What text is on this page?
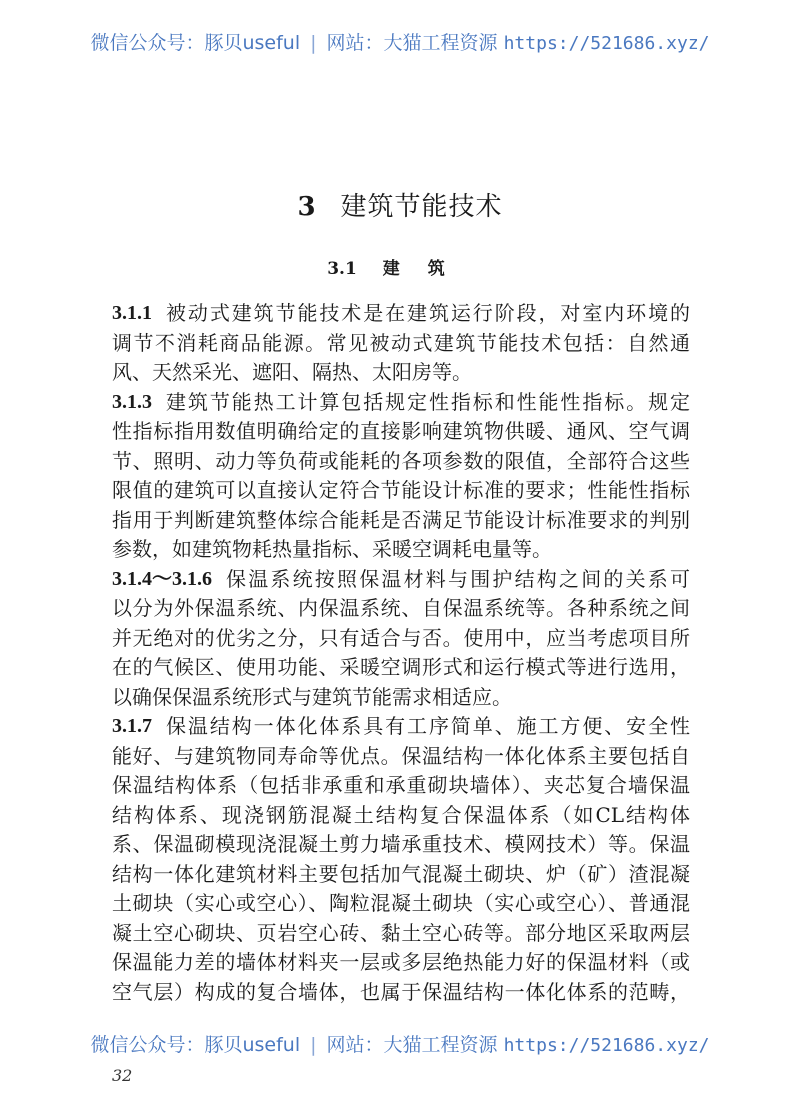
微信公众号：豚贝useful | 网站：大猫工程资源 https://521686.xyz/
3 建筑节能技术
3.1 建筑
3.1.1 被动式建筑节能技术是在建筑运行阶段，对室内环境的
调节不消耗商品能源。常见被动式建筑节能技术包括：自然通
风、天然采光、遮阳、隔热、太阳房等。
3.1.3 建筑节能热工计算包括规定性指标和性能性指标。规定
性指标指用数值明确给定的直接影响建筑物供暖、通风、空气调
节、照明、动力等负荷或能耗的各项参数的限值，全部符合这些
限值的建筑可以直接认定符合节能设计标准的要求；性能性指标
指用于判断建筑整体综合能耗是否满足节能设计标准要求的判别
参数，如建筑物耗热量指标、采暖空调耗电量等。
3.1.4～3.1.6 保温系统按照保温材料与围护结构之间的关系可
以分为外保温系统、内保温系统、自保温系统等。各种系统之间
并无绝对的优劣之分，只有适合与否。使用中，应当考虑项目所
在的气候区、使用功能、采暖空调形式和运行模式等进行选用，
以确保保温系统形式与建筑节能需求相适应。
3.1.7 保温结构一体化体系具有工序简单、施工方便、安全性
能好、与建筑物同寿命等优点。保温结构一体化体系主要包括自
保温结构体系（包括非承重和承重砌块墙体）、夹芯复合墙保温
结构体系、现浇钢筋混凝土结构复合保温体系（如CL结构体
系、保温砌模现浇混凝土剪力墙承重技术、模网技术）等。保温
结构一体化建筑材料主要包括加气混凝土砌块、炉（矿）渣混凝
土砌块（实心或空心）、陶粒混凝土砌块（实心或空心）、普通混
凝土空心砌块、页岩空心砖、黏土空心砖等。部分地区采取两层
保温能力差的墙体材料夹一层或多层绝热能力好的保温材料（或
空气层）构成的复合墙体，也属于保温结构一体化体系的范畴，
微信公众号：豚贝useful | 网站：大猫工程资源 https://521686.xyz/
32
